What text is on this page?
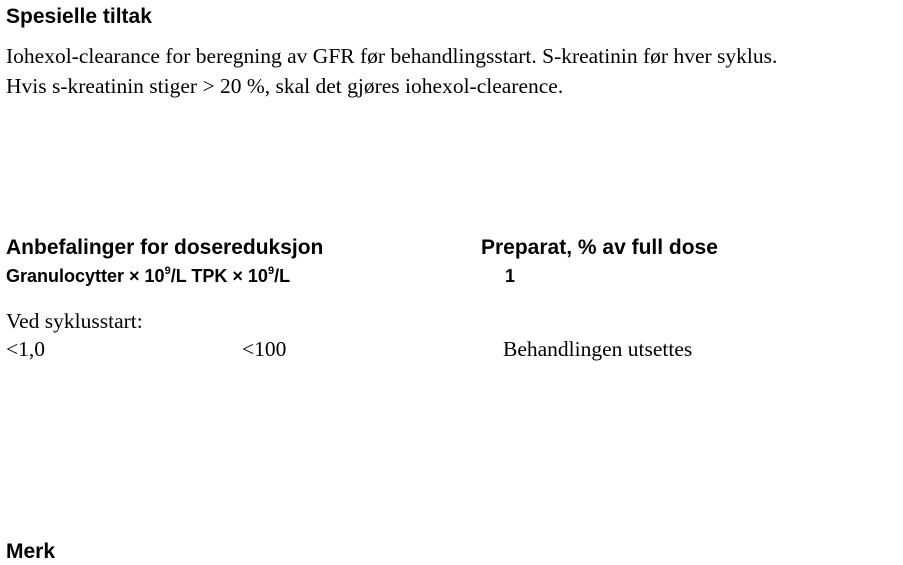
Spesielle tiltak
Iohexol-clearance for beregning av GFR før behandlingsstart. S-kreatinin før hver syklus.
Hvis s-kreatinin stiger > 20 %, skal det gjøres iohexol-clearence.
Anbefalinger for dosereduksjon	Preparat, % av full dose
Granulocytter × $10^9/L$ TPK × $10^9/L$	1
Ved syklusstart:
<1,0	<100	Behandlingen utsettes
Merk
